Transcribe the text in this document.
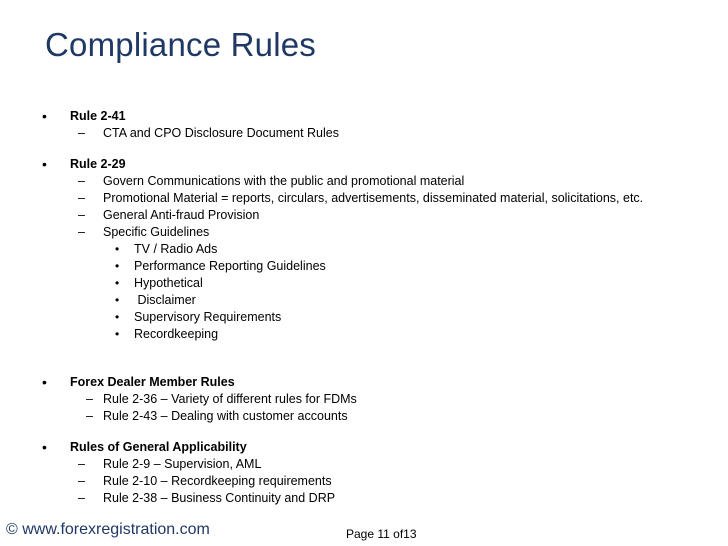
Compliance Rules
• Rule 2-41
– CTA and CPO Disclosure Document Rules
• Rule 2-29
– Govern Communications with the public and promotional material
– Promotional Material = reports, circulars, advertisements, disseminated material, solicitations, etc.
– General Anti-fraud Provision
– Specific Guidelines
• TV / Radio Ads
• Performance Reporting Guidelines
• Hypothetical
• Disclaimer
• Supervisory Requirements
• Recordkeeping
• Forex Dealer Member Rules
– Rule 2-36 – Variety of different rules for FDMs
– Rule 2-43 – Dealing with customer accounts
• Rules of General Applicability
– Rule 2-9 – Supervision, AML
– Rule 2-10 – Recordkeeping requirements
– Rule 2-38 – Business Continuity and DRP
© www.forexregistration.com	Page 11 of13
